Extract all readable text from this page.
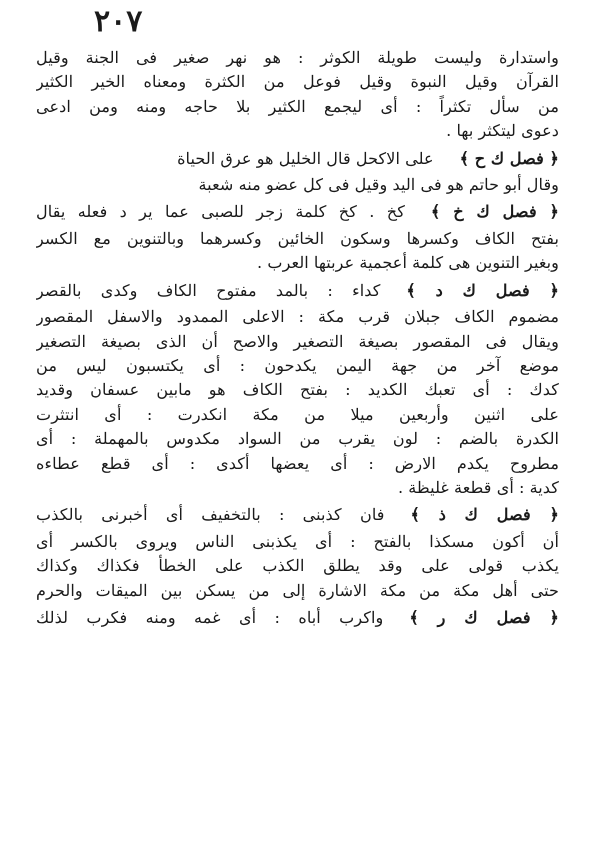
٢٠٧
واستدارة وليست طويلة الكوثر : هو نهر صغير فى الجنة وقيل
القرآن وقيل النبوة وقيل فوعل من الكثرة ومعناه الخير الكثير
من سأل تكثراً : أى ليجمع الكثير بلا حاجه ومنه ومن ادعى
دعوى ليتكثر بها .
﴿ فصل ك ح ﴾على الاكحل قال الخليل هو عرق الحياة
وقال أبو حاتم هو فى اليد وقيل فى كل عضو منه شعبة
﴿ فصل ك خ ﴾كخ . كخ كلمة زجر للصبى عما ير د فعله يقال
بفتح الكاف وكسرها وسكون الخائين وكسرهما وبالتنوين مع الكسر
وبغير التنوين هى كلمة أعجمية عربتها العرب .
﴿ فصل ك د ﴾كداء : بالمد مفتوح الكاف وكدى بالقصر
مضموم الكاف جبلان قرب مكة : الاعلى الممدود والاسفل المقصور
ويقال فى المقصور بصيغة التصغير والاصح أن الذى بصيغة التصغير
موضع آخر من جهة اليمن يكدحون : أى يكتسبون ليس من
كدك : أى تعبك الكديد : بفتح الكاف هو مابين عسفان وقديد
على اثنين وأربعين ميلا من مكة انكدرت : أى انتثرت
الكدرة بالضم : لون يقرب من السواد مكدوس بالمهملة : أى
مطروح يكدم الارض : أى يعضها أكدى : أى قطع عطاءه
كدية : أى قطعة غليظة .
﴿ فصل ك ذ ﴾فان كذبنى : بالتخفيف أى أخبرنى بالكذب
أن أكون مسكذا بالفتح : أى يكذبنى الناس ويروى بالكسر أى
يكذب قولى على وقد يطلق الكذب على الخطأ فكذاك وكذاك
حتى أهل مكة من مكة الاشارة إلى من يسكن بين الميقات والحرم
﴿ فصل ك ر ﴾واكرب أباه : أى غمه ومنه فكرب لذلك
